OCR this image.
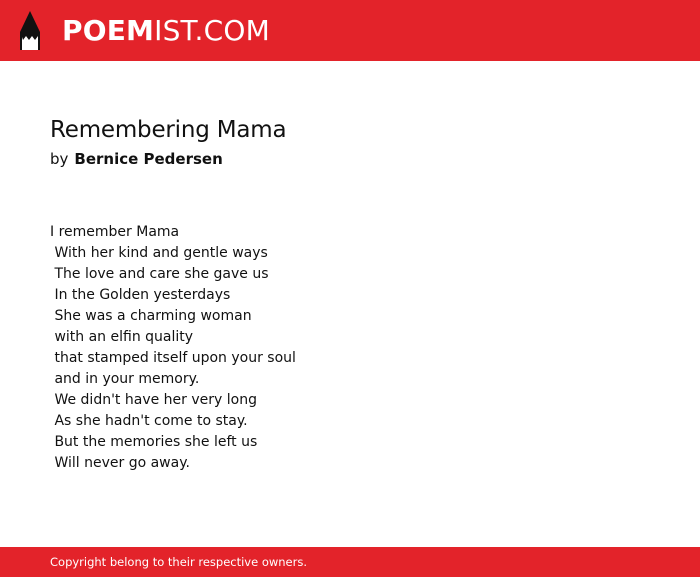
POEMIST.COM
Remembering Mama
by Bernice Pedersen
I remember Mama
With her kind and gentle ways
The love and care she gave us
In the Golden yesterdays
She was a charming woman
with an elfin quality
that stamped itself upon your soul
and in your memory.
We didn't have her very long
As she hadn't come to stay.
But the memories she left us
Will never go away.
Copyright belong to their respective owners.
